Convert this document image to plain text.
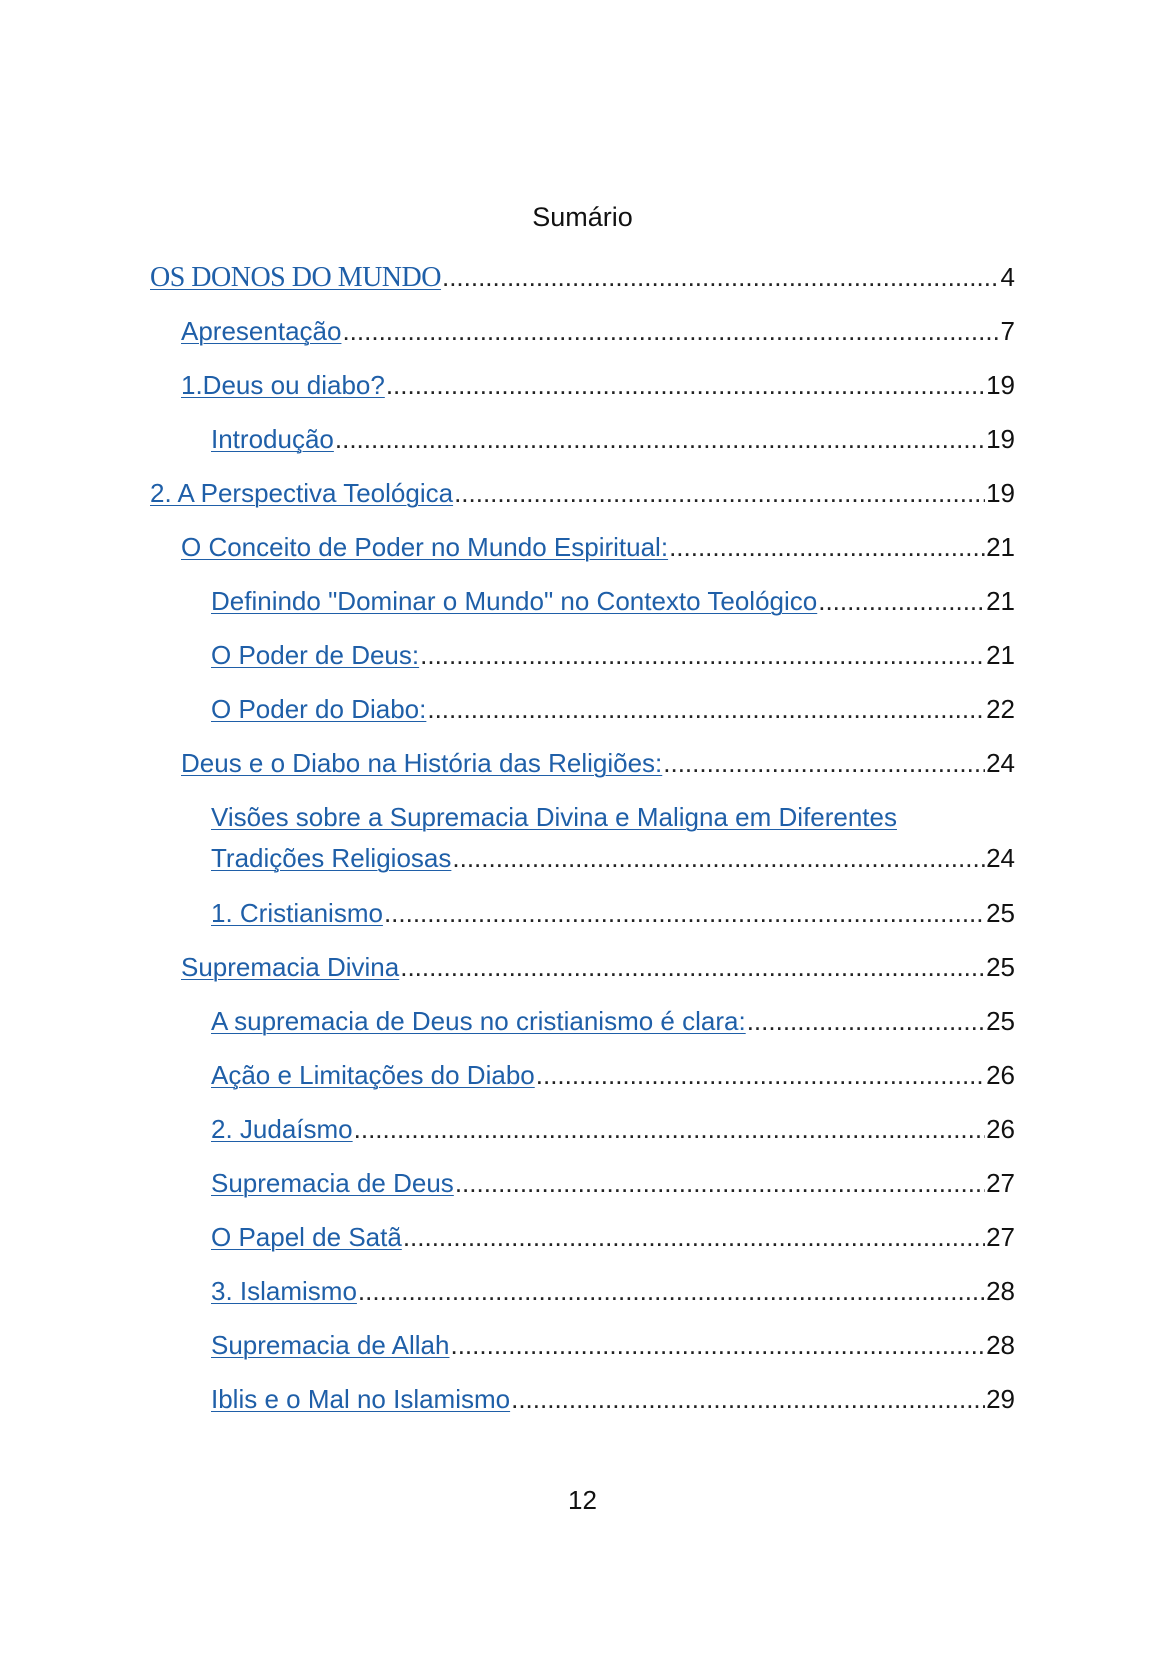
Sumário
OS DONOS DO MUNDO .....	4
Apresentação .....	7
1.Deus ou diabo? .....	19
Introdução .....	19
2. A Perspectiva Teológica .....	19
O Conceito de Poder no Mundo Espiritual: .....	21
Definindo "Dominar o Mundo" no Contexto Teológico .....	21
O Poder de Deus: .....	21
O Poder do Diabo: .....	22
Deus e o Diabo na História das Religiões: .....	24
Visões sobre a Supremacia Divina e Maligna em Diferentes
Tradições Religiosas .....	24
1. Cristianismo .....	25
Supremacia Divina .....	25
A supremacia de Deus no cristianismo é clara: .....	25
Ação e Limitações do Diabo .....	26
2. Judaísmo .....	26
Supremacia de Deus .....	27
O Papel de Satã .....	27
3. Islamismo .....	28
Supremacia de Allah .....	28
Iblis e o Mal no Islamismo .....	29
12
